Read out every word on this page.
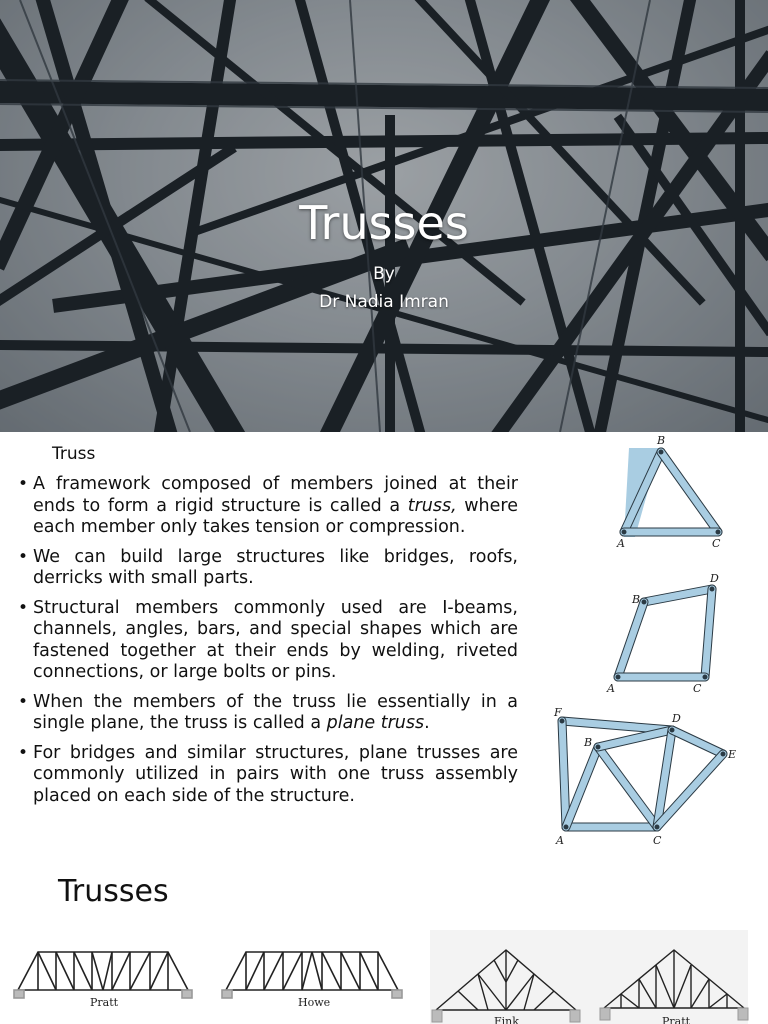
Trusses
By
Dr Nadia Imran
Truss
• A framework composed of members joined at their ends to form a rigid structure is called a truss, where each member only takes tension or compression.
• We can build large structures like bridges, roofs, derricks with small parts.
• Structural members commonly used are I-beams, channels, angles, bars, and special shapes which are fastened together at their ends by welding, riveted connections, or large bolts or pins.
• When the members of the truss lie essentially in a single plane, the truss is called a plane truss.
• For bridges and similar structures, plane trusses are commonly utilized in pairs with one truss assembly placed on each side of the structure.
B
A	C
D
B
A	C
F	D
B
E
A	C
Trusses
Pratt	Howe
Fink	Pratt
